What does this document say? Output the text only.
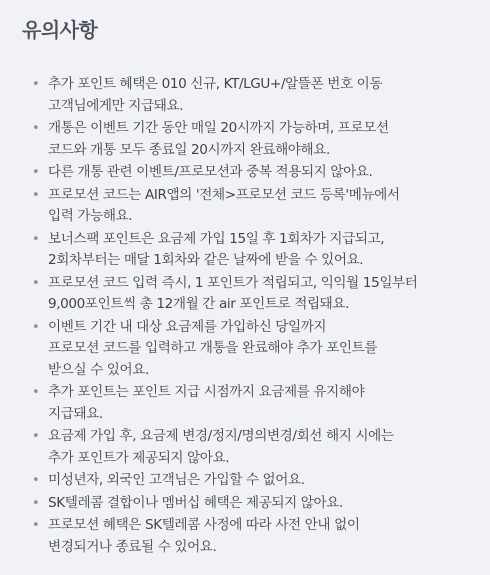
유의사항
• 추가 포인트 혜택은 010 신규, KT/LGU+/알뜰폰 번호 이동
고객님에게만 지급돼요.
• 개통은 이벤트 기간 동안 매일 20시까지 가능하며, 프로모션
코드와 개통 모두 종료일 20시까지 완료해야해요.
• 다른 개통 관련 이벤트/프로모션과 중복 적용되지 않아요.
• 프로모션 코드는 AIR앱의 '전체>프로모션 코드 등록'메뉴에서
입력 가능해요.
• 보너스팩 포인트은 요금제 가입 15일 후 1회차가 지급되고,
2회차부터는 매달 1회차와 같은 날짜에 받을 수 있어요.
• 프로모션 코드 입력 즉시, 1 포인트가 적립되고, 익익월 15일부터
9,000포인트씩 총 12개월 간 air 포인트로 적립돼요.
• 이벤트 기간 내 대상 요금제를 가입하신 당일까지
프로모션 코드를 입력하고 개통을 완료해야 추가 포인트를
받으실 수 있어요.
• 추가 포인트는 포인트 지급 시점까지 요금제를 유지해야
지급돼요.
• 요금제 가입 후, 요금제 변경/정지/명의변경/회선 해지 시에는
추가 포인트가 제공되지 않아요.
• 미성년자, 외국인 고객님은 가입할 수 없어요.
• SK텔레콤 결합이나 멤버십 혜택은 제공되지 않아요.
• 프로모션 혜택은 SK텔레콤 사정에 따라 사전 안내 없이
변경되거나 종료될 수 있어요.
